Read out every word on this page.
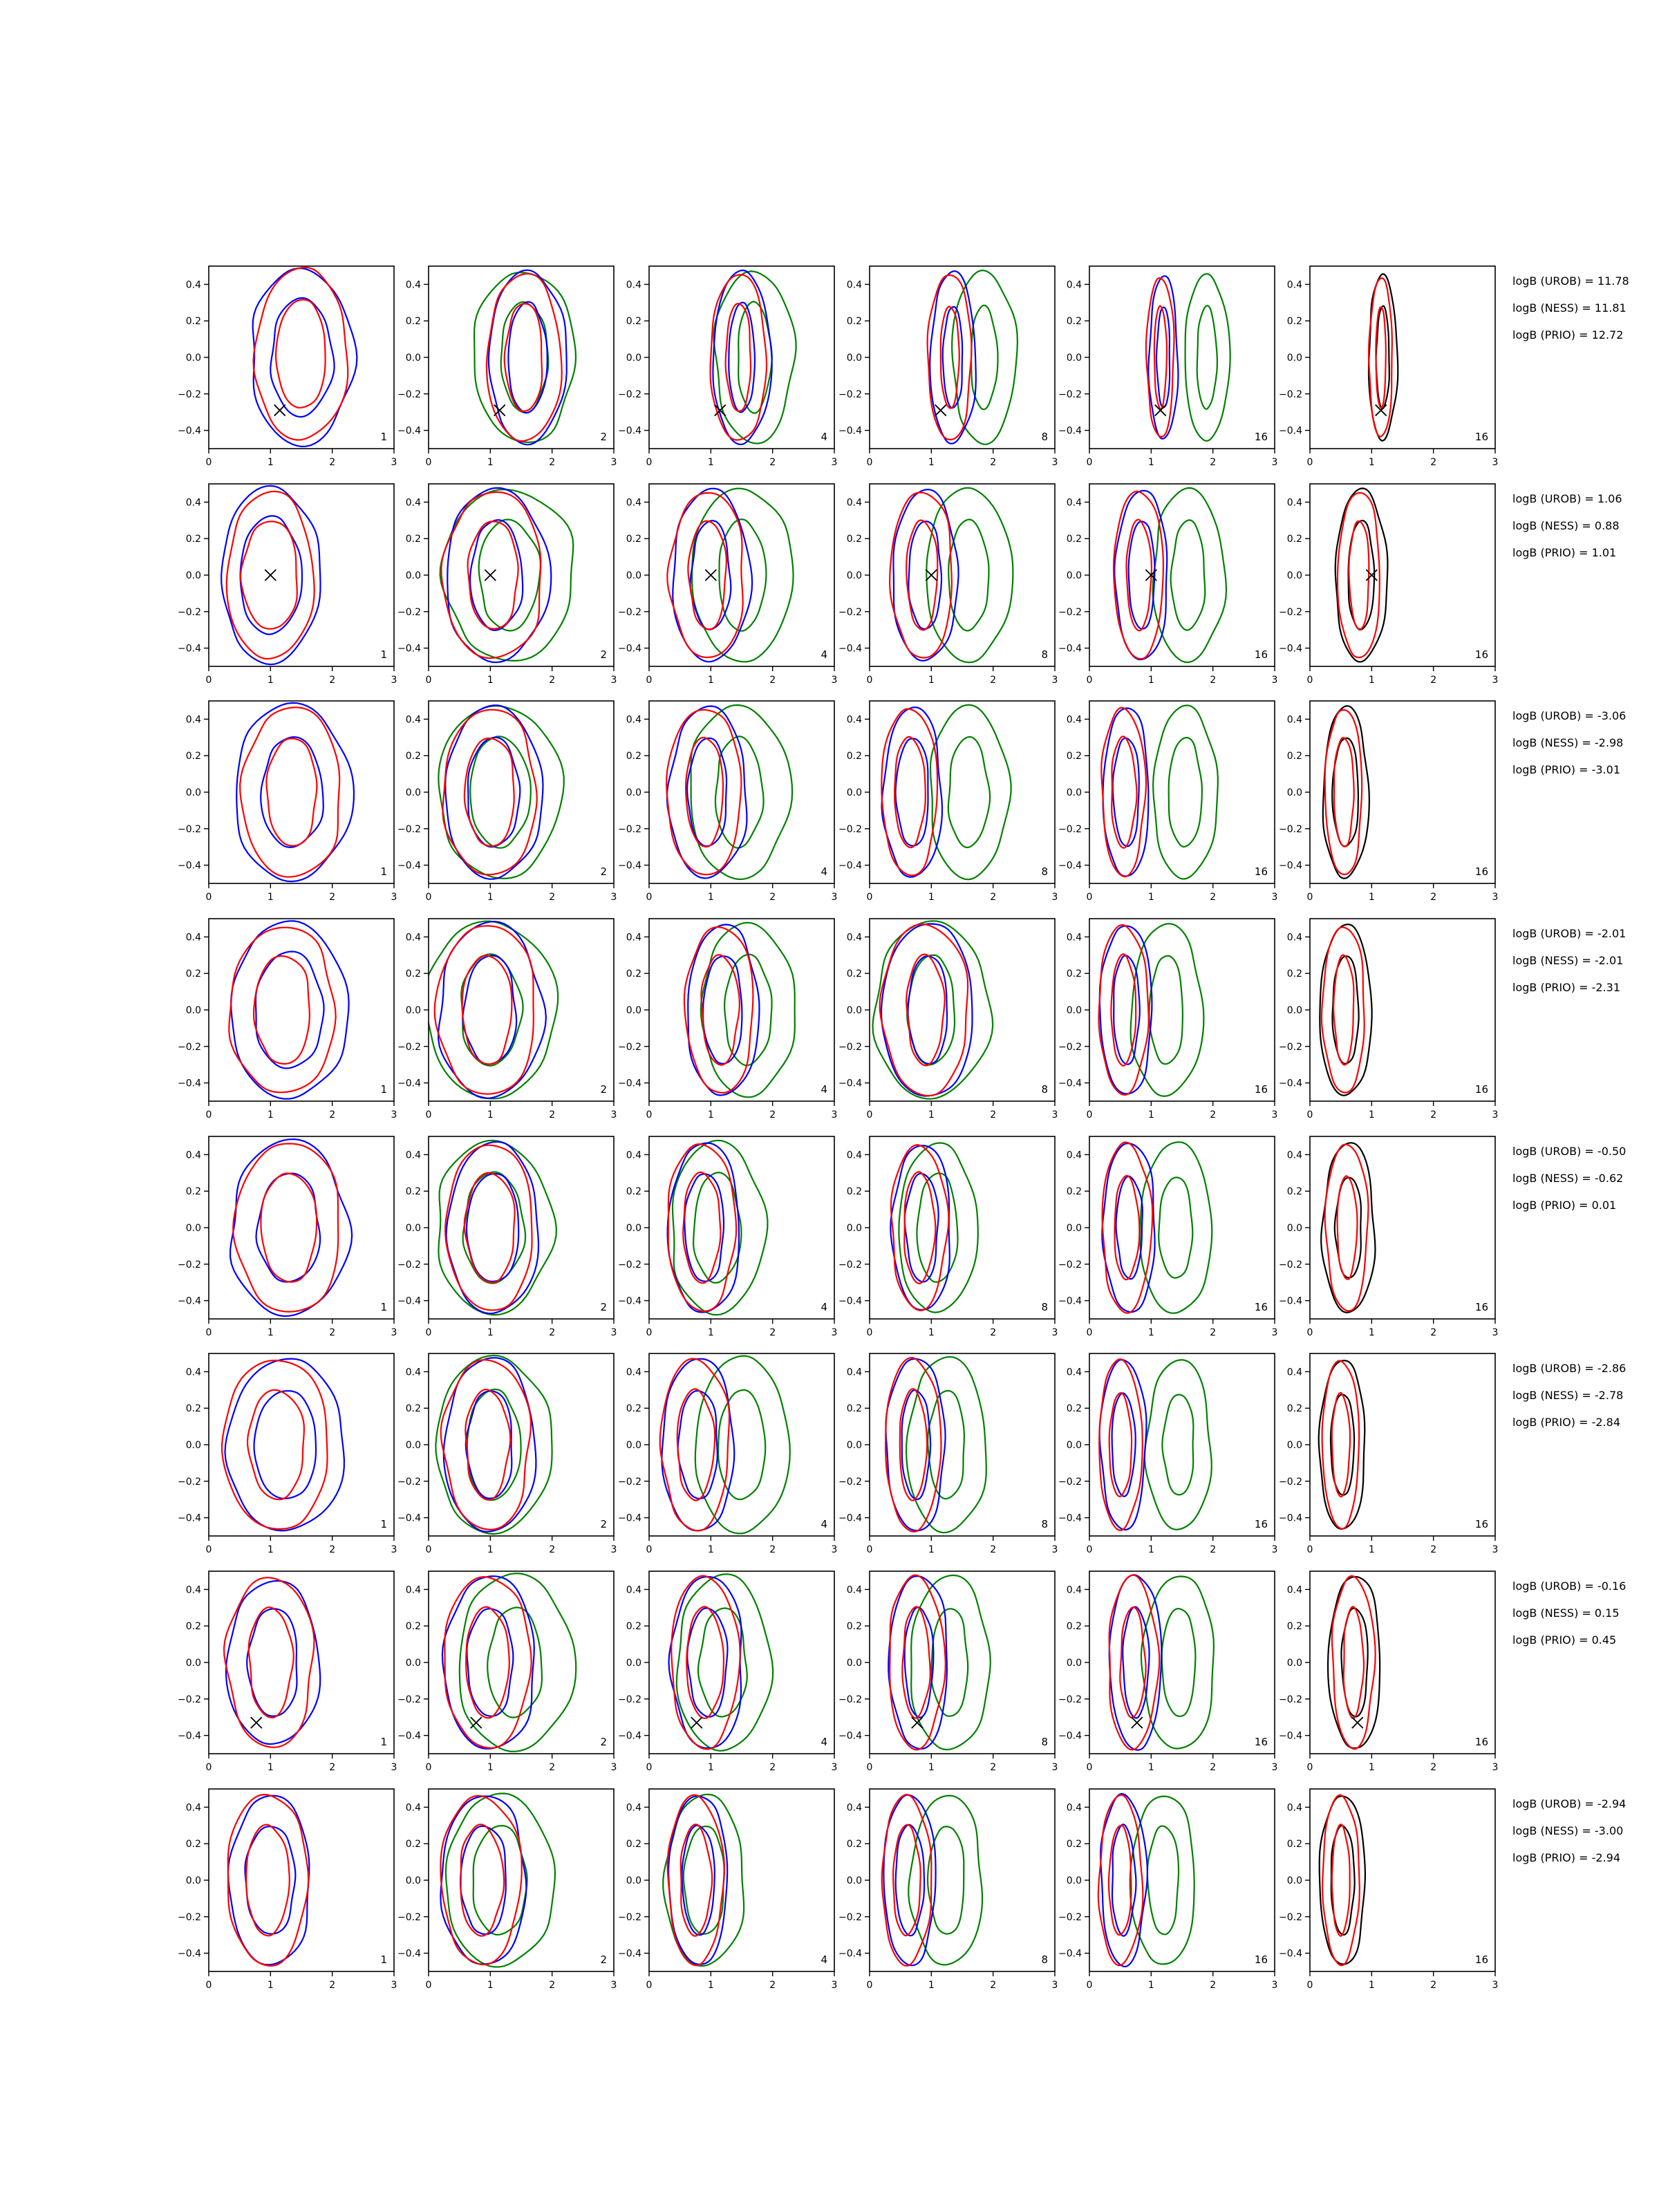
0	1	2	3
0.4
0.2
0.0
−0.2
−0.4	1
0	1	2	3
0.4
0.2
0.0
−0.2
−0.4	2
0	1	2	3
0.4
0.2
0.0
−0.2
−0.4	4
0	1	2	3
0.4
0.2
0.0
−0.2
−0.4	8
0	1	2	3
0.4
0.2
0.0
−0.2
−0.4	16
0	1	2	3
0.4
0.2
0.0
−0.2
−0.4	16
logB (UROB) = 11.78
logB (NESS) = 11.81
logB (PRIO) = 12.72
0	1	2	3
0.4
0.2
0.0
−0.2
−0.4	1
0	1	2	3
0.4
0.2
0.0
−0.2
−0.4	2
0	1	2	3
0.4
0.2
0.0
−0.2
−0.4	4
0	1	2	3
0.4
0.2
0.0
−0.2
−0.4	8
0	1	2	3
0.4
0.2
0.0
−0.2
−0.4	16
0	1	2	3
0.4
0.2
0.0
−0.2
−0.4	16
logB (UROB) = 1.06
logB (NESS) = 0.88
logB (PRIO) = 1.01
0	1	2	3
0.4
0.2
0.0
−0.2
−0.4	1
0	1	2	3
0.4
0.2
0.0
−0.2
−0.4	2
0	1	2	3
0.4
0.2
0.0
−0.2
−0.4	4
0	1	2	3
0.4
0.2
0.0
−0.2
−0.4	8
0	1	2	3
0.4
0.2
0.0
−0.2
−0.4	16
0	1	2	3
0.4
0.2
0.0
−0.2
−0.4	16
logB (UROB) = -3.06
logB (NESS) = -2.98
logB (PRIO) = -3.01
0	1	2	3
0.4
0.2
0.0
−0.2
−0.4	1
0	1	2	3
0.4
0.2
0.0
−0.2
−0.4	2
0	1	2	3
0.4
0.2
0.0
−0.2
−0.4	4
0	1	2	3
0.4
0.2
0.0
−0.2
−0.4	8
0	1	2	3
0.4
0.2
0.0
−0.2
−0.4	16
0	1	2	3
0.4
0.2
0.0
−0.2
−0.4	16
logB (UROB) = -2.01
logB (NESS) = -2.01
logB (PRIO) = -2.31
0	1	2	3
0.4
0.2
0.0
−0.2
−0.4	1
0	1	2	3
0.4
0.2
0.0
−0.2
−0.4	2
0	1	2	3
0.4
0.2
0.0
−0.2
−0.4	4
0	1	2	3
0.4
0.2
0.0
−0.2
−0.4	8
0	1	2	3
0.4
0.2
0.0
−0.2
−0.4	16
0	1	2	3
0.4
0.2
0.0
−0.2
−0.4	16
logB (UROB) = -0.50
logB (NESS) = -0.62
logB (PRIO) = 0.01
0	1	2	3
0.4
0.2
0.0
−0.2
−0.4	1
0	1	2	3
0.4
0.2
0.0
−0.2
−0.4	2
0	1	2	3
0.4
0.2
0.0
−0.2
−0.4	4
0	1	2	3
0.4
0.2
0.0
−0.2
−0.4	8
0	1	2	3
0.4
0.2
0.0
−0.2
−0.4	16
0	1	2	3
0.4
0.2
0.0
−0.2
−0.4	16
logB (UROB) = -2.86
logB (NESS) = -2.78
logB (PRIO) = -2.84
0	1	2	3
0.4
0.2
0.0
−0.2
−0.4	1
0	1	2	3
0.4
0.2
0.0
−0.2
−0.4	2
0	1	2	3
0.4
0.2
0.0
−0.2
−0.4	4
0	1	2	3
0.4
0.2
0.0
−0.2
−0.4	8
0	1	2	3
0.4
0.2
0.0
−0.2
−0.4	16
0	1	2	3
0.4
0.2
0.0
−0.2
−0.4	16
logB (UROB) = -0.16
logB (NESS) = 0.15
logB (PRIO) = 0.45
0	1	2	3
0.4
0.2
0.0
−0.2
−0.4	1
0	1	2	3
0.4
0.2
0.0
−0.2
−0.4	2
0	1	2	3
0.4
0.2
0.0
−0.2
−0.4	4
0	1	2	3
0.4
0.2
0.0
−0.2
−0.4	8
0	1	2	3
0.4
0.2
0.0
−0.2
−0.4	16
0	1	2	3
0.4
0.2
0.0
−0.2
−0.4	16
logB (UROB) = -2.94
logB (NESS) = -3.00
logB (PRIO) = -2.94
